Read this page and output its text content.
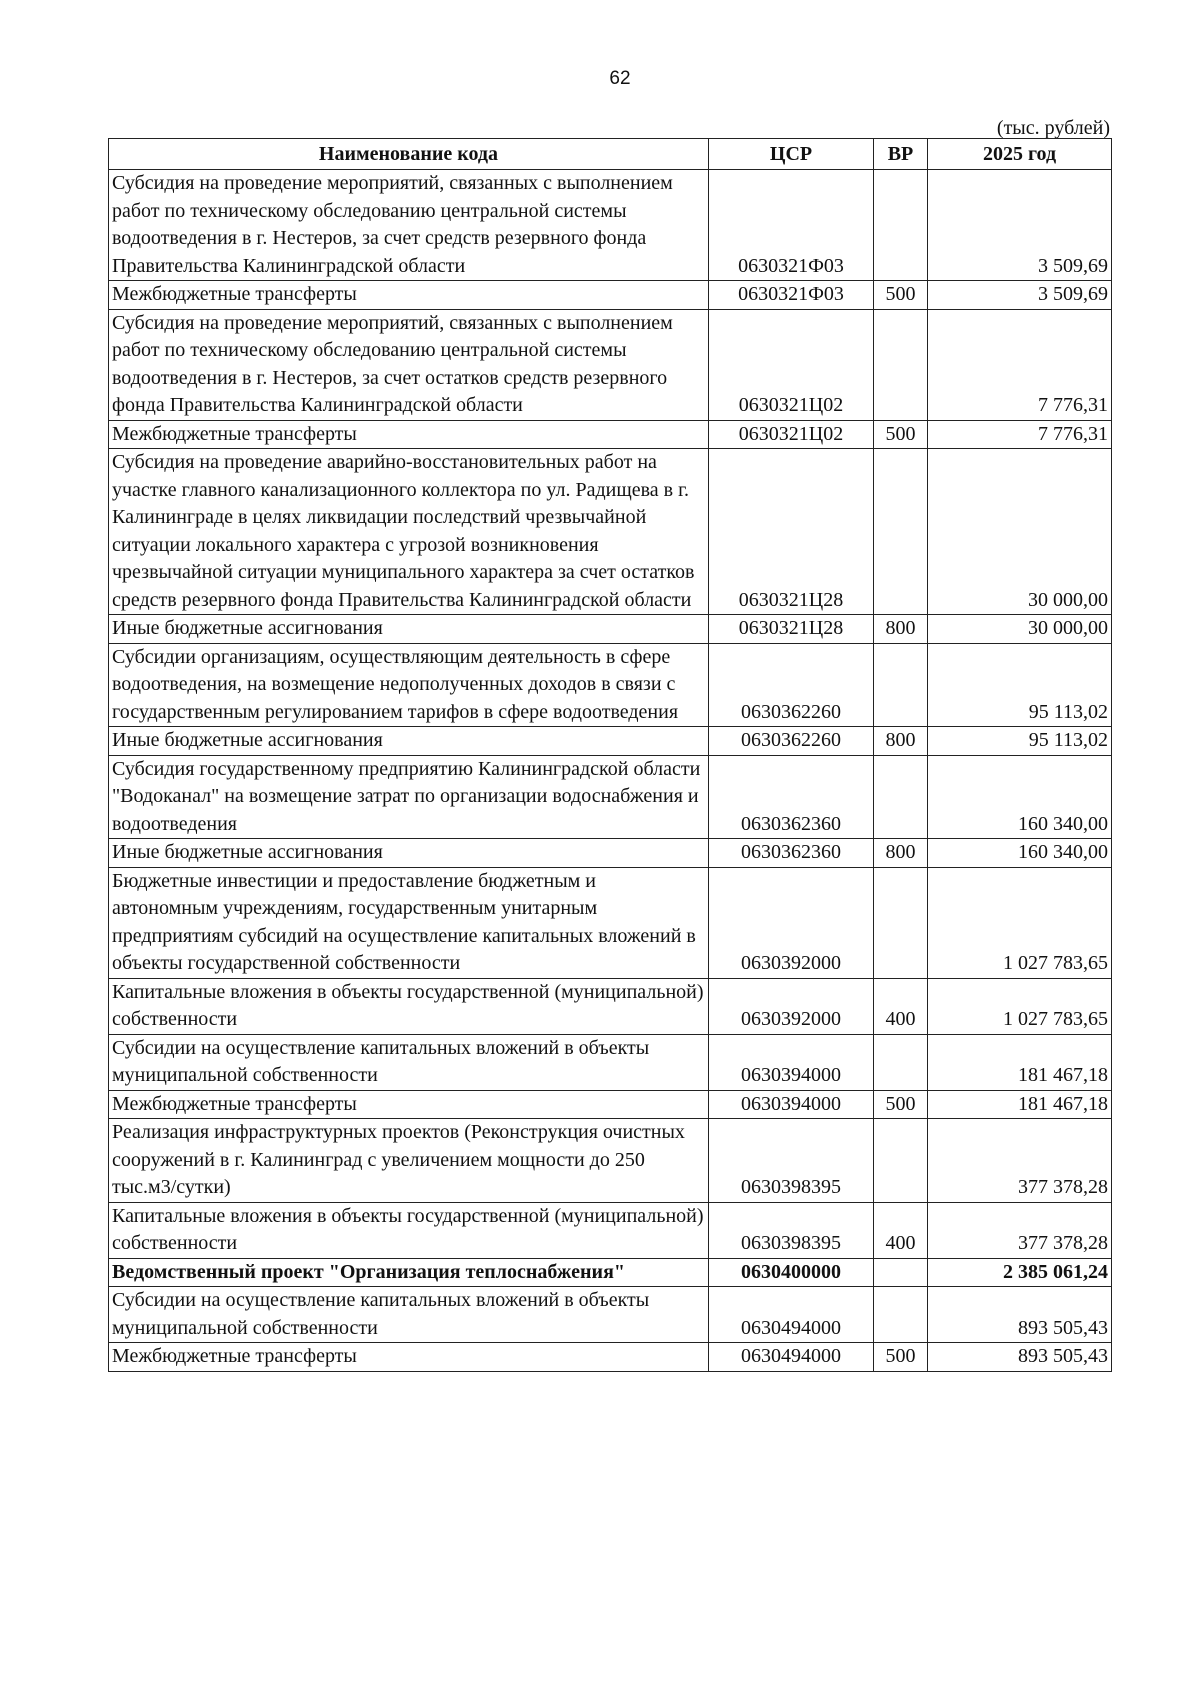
62
(тыс. рублей)
Наименование кода	ЦСР	ВР	2025 год
Субсидия на проведение мероприятий, связанных с выполнением работ по техническому обследованию центральной системы водоотведения в г. Нестеров, за счет средств резервного фонда Правительства Калининградской области	0630321Ф03		3 509,69
Межбюджетные трансферты	0630321Ф03	500	3 509,69
Субсидия на проведение мероприятий, связанных с выполнением работ по техническому обследованию центральной системы водоотведения в г. Нестеров, за счет остатков средств резервного фонда Правительства Калининградской области	0630321Ц02		7 776,31
Межбюджетные трансферты	0630321Ц02	500	7 776,31
Субсидия на проведение аварийно-восстановительных работ на участке главного канализационного коллектора по ул. Радищева в г. Калининграде в целях ликвидации последствий чрезвычайной ситуации локального характера с угрозой возникновения чрезвычайной ситуации муниципального характера за счет остатков средств резервного фонда Правительства Калининградской области	0630321Ц28		30 000,00
Иные бюджетные ассигнования	0630321Ц28	800	30 000,00
Субсидии организациям, осуществляющим деятельность в сфере водоотведения, на возмещение недополученных доходов в связи с государственным регулированием тарифов в сфере водоотведения	0630362260		95 113,02
Иные бюджетные ассигнования	0630362260	800	95 113,02
Субсидия государственному предприятию Калининградской области "Водоканал" на возмещение затрат по организации водоснабжения и водоотведения	0630362360		160 340,00
Иные бюджетные ассигнования	0630362360	800	160 340,00
Бюджетные инвестиции и предоставление бюджетным и автономным учреждениям, государственным унитарным предприятиям субсидий на осуществление капитальных вложений в объекты государственной собственности	0630392000		1 027 783,65
Капитальные вложения в объекты государственной (муниципальной) собственности	0630392000	400	1 027 783,65
Субсидии на осуществление капитальных вложений в объекты муниципальной собственности	0630394000		181 467,18
Межбюджетные трансферты	0630394000	500	181 467,18
Реализация инфраструктурных проектов (Реконструкция очистных сооружений в г. Калининград с увеличением мощности до 250 тыс.м3/сутки)	0630398395		377 378,28
Капитальные вложения в объекты государственной (муниципальной) собственности	0630398395	400	377 378,28
Ведомственный проект "Организация теплоснабжения"	0630400000		2 385 061,24
Субсидии на осуществление капитальных вложений в объекты муниципальной собственности	0630494000		893 505,43
Межбюджетные трансферты	0630494000	500	893 505,43
